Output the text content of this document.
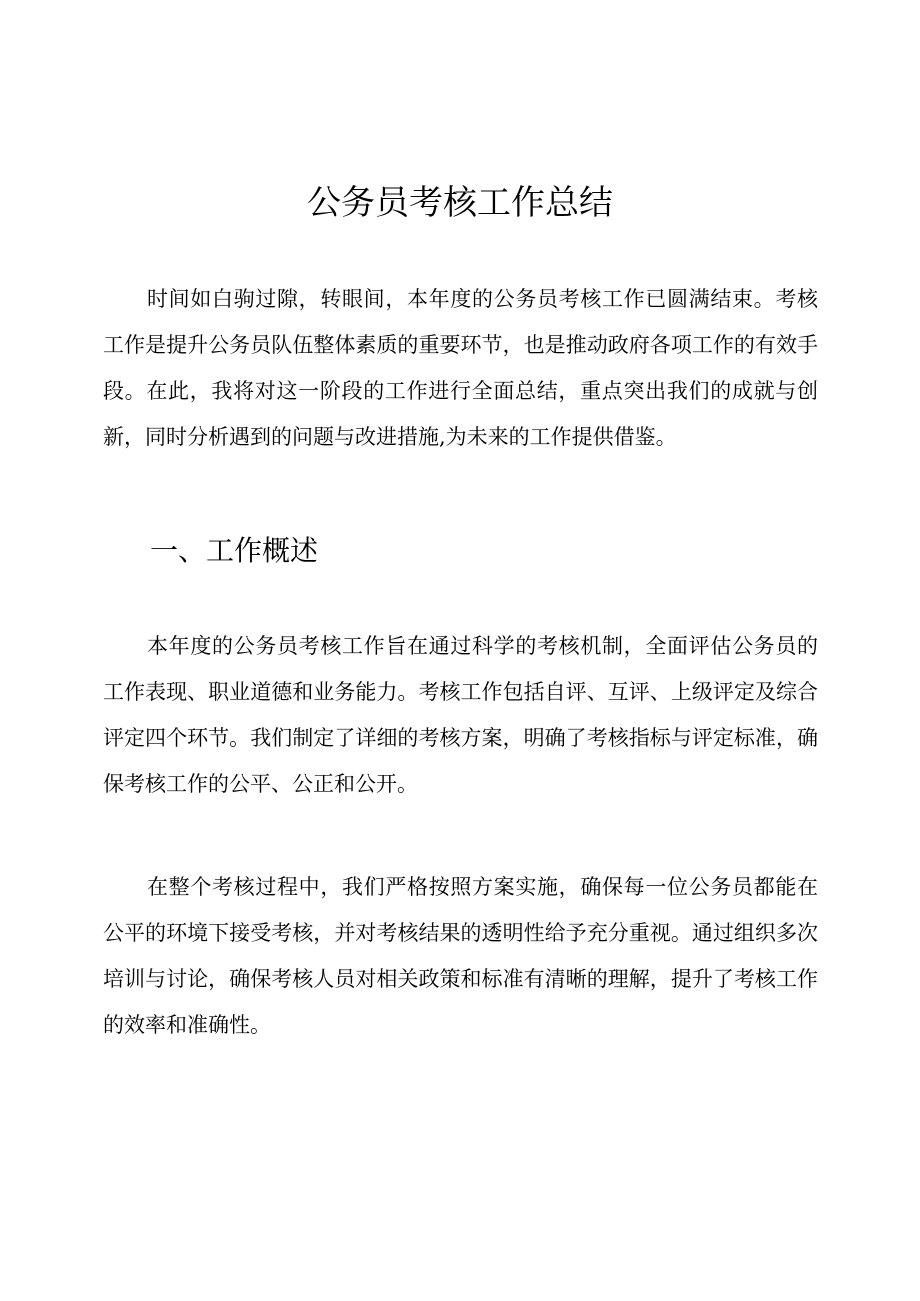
公务员考核工作总结

时间如白驹过隙，转眼间，本年度的公务员考核工作已圆满结束。考核工作是提升公务员队伍整体素质的重要环节，也是推动政府各项工作的有效手段。在此，我将对这一阶段的工作进行全面总结，重点突出我们的成就与创新，同时分析遇到的问题与改进措施,为未来的工作提供借鉴。

一、工作概述

本年度的公务员考核工作旨在通过科学的考核机制，全面评估公务员的工作表现、职业道德和业务能力。考核工作包括自评、互评、上级评定及综合评定四个环节。我们制定了详细的考核方案，明确了考核指标与评定标准，确保考核工作的公平、公正和公开。

在整个考核过程中，我们严格按照方案实施，确保每一位公务员都能在公平的环境下接受考核，并对考核结果的透明性给予充分重视。通过组织多次培训与讨论，确保考核人员对相关政策和标准有清晰的理解，提升了考核工作的效率和准确性。
